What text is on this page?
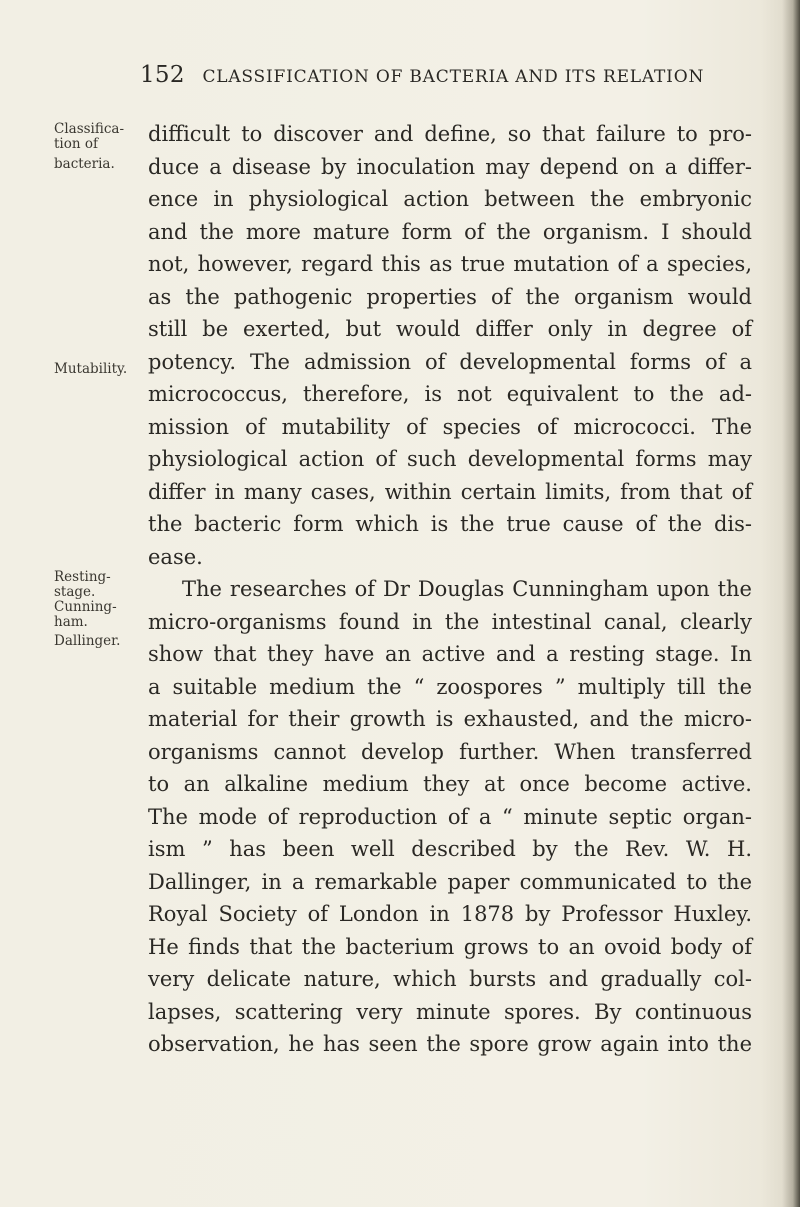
152 CLASSIFICATION OF BACTERIA AND ITS RELATION
Classifica-
tion of
bacteria.
Mutability.
Resting-
stage.
Cunning-
ham.
Dallinger.
difficult to discover and define, so that failure to pro-
duce a disease by inoculation may depend on a differ-
ence in physiological action between the embryonic
and the more mature form of the organism. I should
not, however, regard this as true mutation of a species,
as the pathogenic properties of the organism would
still be exerted, but would differ only in degree of
potency. The admission of developmental forms of a
micrococcus, therefore, is not equivalent to the ad-
mission of mutability of species of micrococci. The
physiological action of such developmental forms may
differ in many cases, within certain limits, from that of
the bacteric form which is the true cause of the dis-
ease.
The researches of Dr Douglas Cunningham upon the
micro-organisms found in the intestinal canal, clearly
show that they have an active and a resting stage. In
a suitable medium the “ zoospores ” multiply till the
material for their growth is exhausted, and the micro-
organisms cannot develop further. When transferred
to an alkaline medium they at once become active.
The mode of reproduction of a “ minute septic organ-
ism ” has been well described by the Rev. W. H.
Dallinger, in a remarkable paper communicated to the
Royal Society of London in 1878 by Professor Huxley.
He finds that the bacterium grows to an ovoid body of
very delicate nature, which bursts and gradually col-
lapses, scattering very minute spores. By continuous
observation, he has seen the spore grow again into the
